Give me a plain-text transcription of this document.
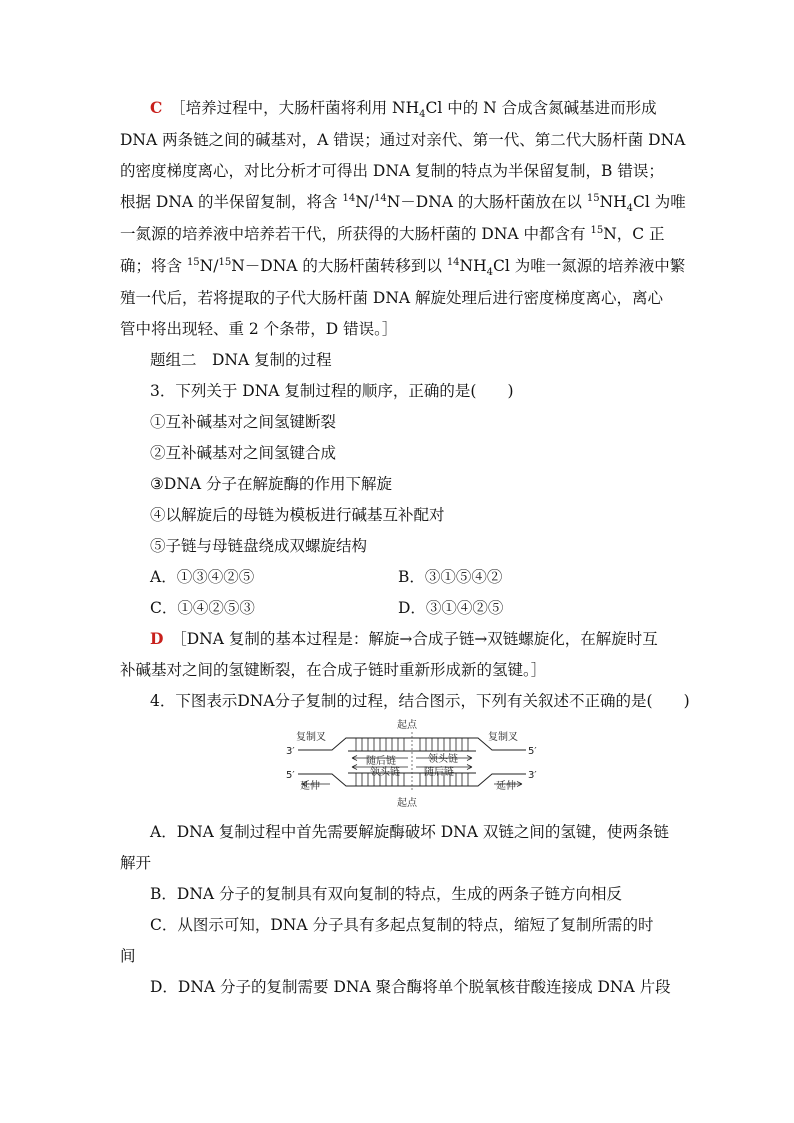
C　 ［培养过程中，大肠杆菌将利用 $NH_4Cl$ 中的 N 合成含氮碱基进而形成
DNA 两条链之间的碱基对，A 错误；通过对亲代、第一代、第二代大肠杆菌 DNA
的密度梯度离心，对比分析才可得出 DNA 复制的特点为半保留复制，B 错误；
根据 DNA 的半保留复制，将含 $^{14}$N/$^{14}$N－DNA 的大肠杆菌放在以 $^{15}NH_4Cl$ 为唯
一氮源的培养液中培养若干代，所获得的大肠杆菌的 DNA 中都含有 $^{15}$N，C 正
确；将含 $^{15}$N/$^{15}$N－DNA 的大肠杆菌转移到以 $^{14}NH_4Cl$ 为唯一氮源的培养液中繁
殖一代后，若将提取的子代大肠杆菌 DNA 解旋处理后进行密度梯度离心，离心
管中将出现轻、重 2 个条带，D 错误。］
题组二　DNA 复制的过程
3．下列关于 DNA 复制过程的顺序，正确的是(　　)
①互补碱基对之间氢键断裂
②互补碱基对之间氢键合成
③DNA 分子在解旋酶的作用下解旋
④以解旋后的母链为模板进行碱基互补配对
⑤子链与母链盘绕成双螺旋结构
A．①③④②⑤	B．③①⑤④②
C．①④②⑤③	D．③①④②⑤
D　 ［DNA 复制的基本过程是：解旋→合成子链→双链螺旋化，在解旋时互
补碱基对之间的氢键断裂，在合成子链时重新形成新的氢键。］
4．下图表示DNA分子复制的过程，结合图示，下列有关叙述不正确的是(　　)
起点
起点
复制叉	复制叉
延伸	延伸
3′	5′
5′	3′
随后链	领头链
领头链 随后链
A．DNA 复制过程中首先需要解旋酶破坏 DNA 双链之间的氢键，使两条链
解开
B．DNA 分子的复制具有双向复制的特点，生成的两条子链方向相反
C．从图示可知，DNA 分子具有多起点复制的特点，缩短了复制所需的时
间
D．DNA 分子的复制需要 DNA 聚合酶将单个脱氧核苷酸连接成 DNA 片段
